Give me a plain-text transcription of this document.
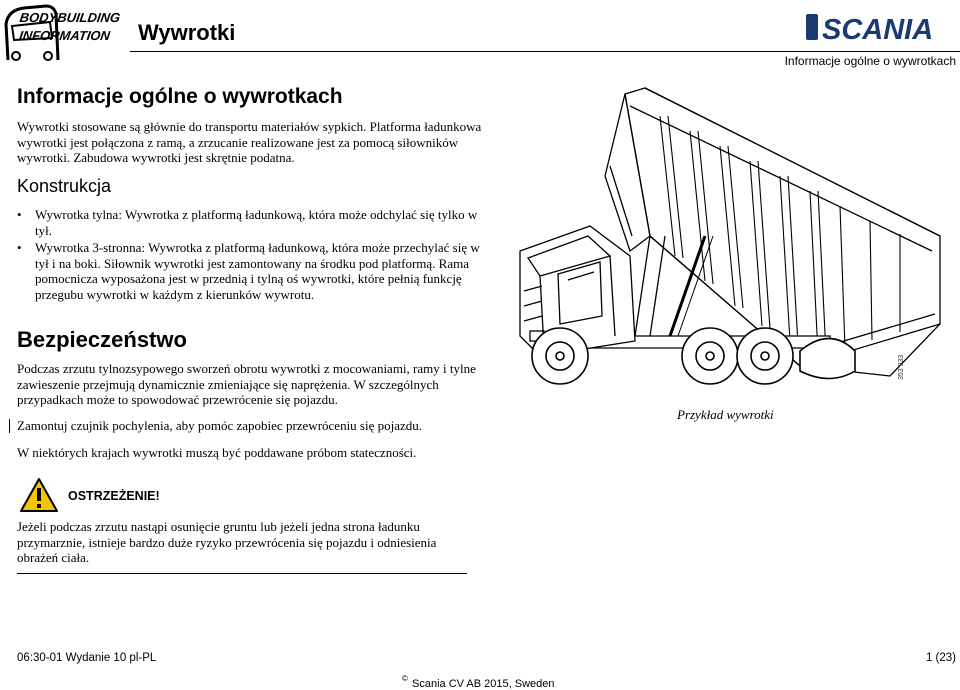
BODYBUILDING
INFORMATION Wywrotki	SCANIA
Informacje ogólne o wywrotkach
Informacje ogólne o wywrotkach
Wywrotki stosowane są głównie do transportu materiałów sypkich. Platforma ładunkowa wywrotki jest połączona z ramą, a zrzucanie realizowane jest za pomocą siłowników wywrotki. Zabudowa wywrotki jest skrętnie podatna.
Konstrukcja
• Wywrotka tylna: Wywrotka z platformą ładunkową, która może odchylać się tylko w tył.
• Wywrotka 3-stronna: Wywrotka z platformą ładunkową, która może przechylać się w tył i na boki. Siłownik wywrotki jest zamontowany na środku pod platformą. Rama pomocnicza wyposażona jest w przednią i tylną oś wywrotki, które pełnią funkcję przegubu wywrotki w każdym z kierunków wywrotu.
Bezpieczeństwo
Podczas zrzutu tylnozsypowego sworzeń obrotu wywrotki z mocowaniami, ramy i tylne zawieszenie przejmują dynamicznie zmieniające się naprężenia. W szczególnych przypadkach może to spowodować przewrócenie się pojazdu.
Zamontuj czujnik pochylenia, aby pomóc zapobiec przewróceniu się pojazdu.
W niektórych krajach wywrotki muszą być poddawane próbom stateczności.
OSTRZEŻENIE!
Jeżeli podczas zrzutu nastąpi osunięcie gruntu lub jeżeli jedna strona ładunku przymarznie, istnieje bardzo duże ryzyko przewrócenia się pojazdu i odniesienia obrażeń ciała.
Przykład wywrotki
353 933
06:30-01 Wydanie 10 pl-PL	1 (23)
© Scania CV AB 2015, Sweden
